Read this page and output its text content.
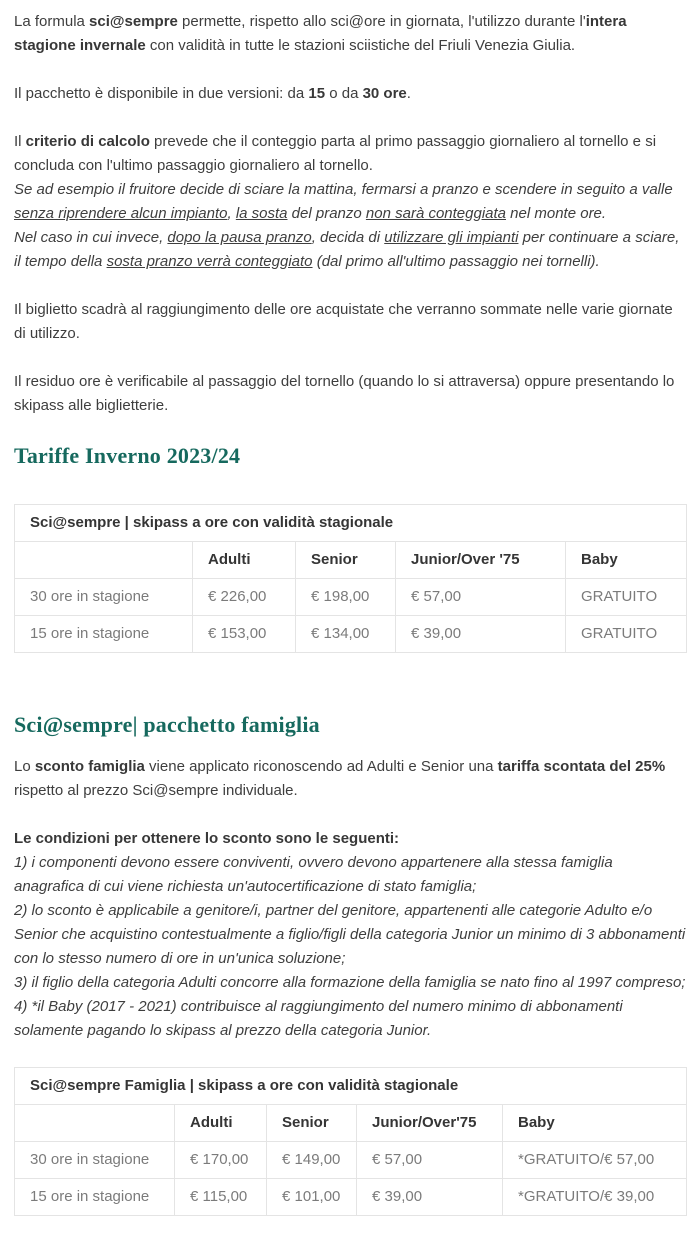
La formula sci@sempre permette, rispetto allo sci@ore in giornata, l'utilizzo durante l'intera stagione invernale con validità in tutte le stazioni sciistiche del Friuli Venezia Giulia.

Il pacchetto è disponibile in due versioni: da 15 o da 30 ore.

Il criterio di calcolo prevede che il conteggio parta al primo passaggio giornaliero al tornello e si concluda con l'ultimo passaggio giornaliero al tornello.

Se ad esempio il fruitore decide di sciare la mattina, fermarsi a pranzo e scendere in seguito a valle senza riprendere alcun impianto, la sosta del pranzo non sarà conteggiata nel monte ore.

Nel caso in cui invece, dopo la pausa pranzo, decida di utilizzare gli impianti per continuare a sciare, il tempo della sosta pranzo verrà conteggiato (dal primo all'ultimo passaggio nei tornelli).

Il biglietto scadrà al raggiungimento delle ore acquistate che verranno sommate nelle varie giornate di utilizzo.

Il residuo ore è verificabile al passaggio del tornello (quando lo si attraversa) oppure presentando lo skipass alle biglietterie.

Tariffe Inverno 2023/24
Sci@sempre | skipass a ore con validità stagionale				
	Adulti	Senior	Junior/Over '75	Baby
30 ore in stagione	€ 226,00	€ 198,00	€ 57,00	GRATUITO
15 ore in stagione	€ 153,00	€ 134,00	€ 39,00	GRATUITO
Sci@sempre| pacchetto famiglia

Lo sconto famiglia viene applicato riconoscendo ad Adulti e Senior una tariffa scontata del 25% rispetto al prezzo Sci@sempre individuale.

Le condizioni per ottenere lo sconto sono le seguenti:

1) i componenti devono essere conviventi, ovvero devono appartenere alla stessa famiglia anagrafica di cui viene richiesta un'autocertificazione di stato famiglia;

2) lo sconto è applicabile a genitore/i, partner del genitore, appartenenti alle categorie Adulto e/o Senior che acquistino contestualmente a figlio/figli della categoria Junior un minimo di 3 abbonamenti con lo stesso numero di ore in un'unica soluzione;

3) il figlio della categoria Adulti concorre alla formazione della famiglia se nato fino al 1997 compreso;

4) *il Baby (2017 - 2021) contribuisce al raggiungimento del numero minimo di abbonamenti solamente pagando lo skipass al prezzo della categoria Junior.

Sci@sempre Famiglia | skipass a ore con validità stagionale				
	Adulti	Senior	Junior/Over'75	Baby
30 ore in stagione	€ 170,00	€ 149,00	€ 57,00	*GRATUITO/€ 57,00
15 ore in stagione	€ 115,00	€ 101,00	€ 39,00	*GRATUITO/€ 39,00
